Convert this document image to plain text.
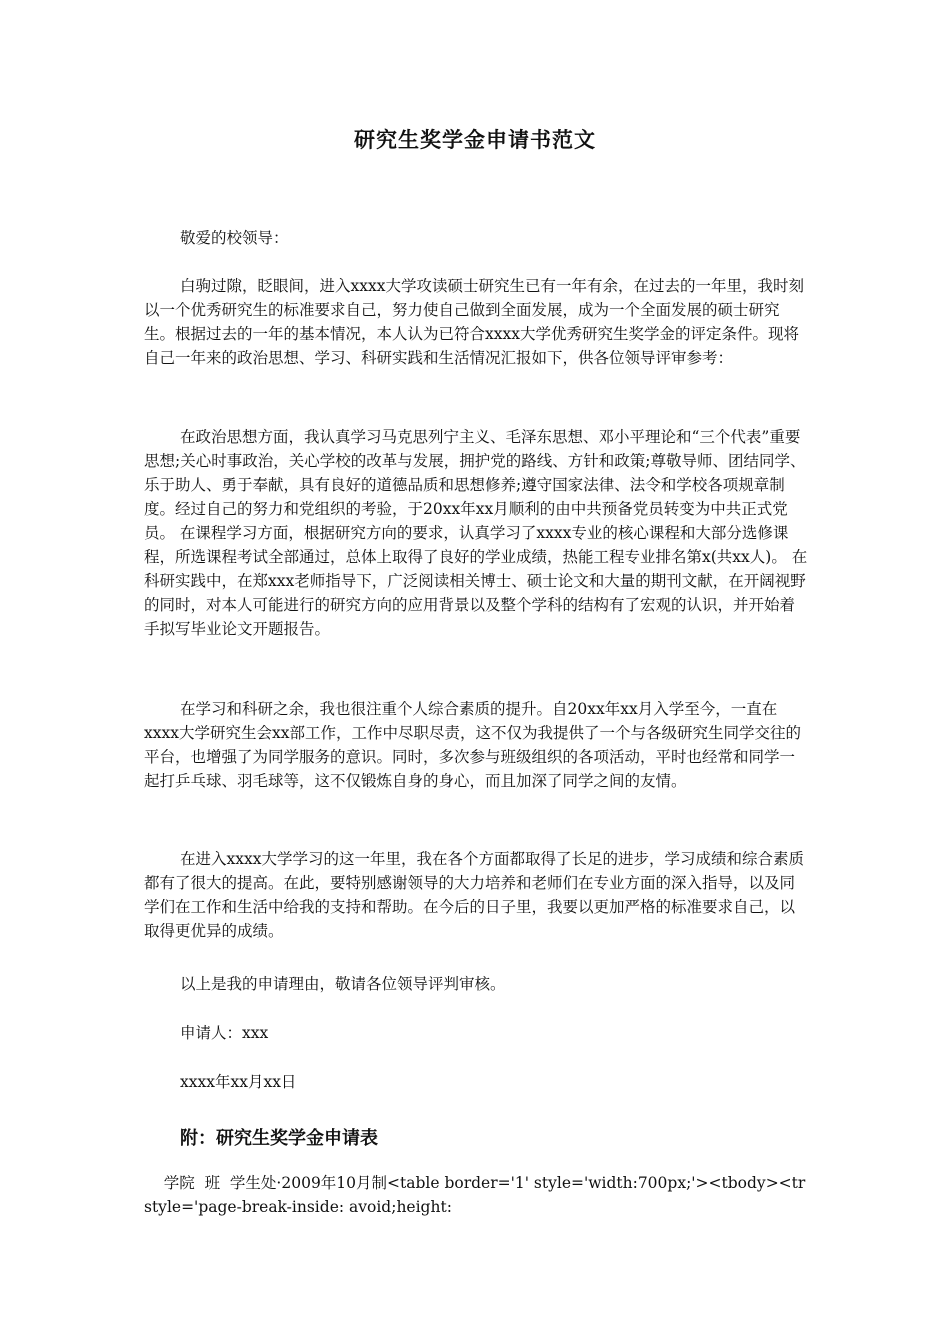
研究生奖学金申请书范文
敬爱的校领导：
白驹过隙，眨眼间，进入xxxx大学攻读硕士研究生已有一年有余，在过去的一年里，我时刻以一个优秀研究生的标准要求自己，努力使自己做到全面发展，成为一个全面发展的硕士研究生。根据过去的一年的基本情况，本人认为已符合xxxx大学优秀研究生奖学金的评定条件。现将自己一年来的政治思想、学习、科研实践和生活情况汇报如下，供各位领导评审参考：
在政治思想方面，我认真学习马克思列宁主义、毛泽东思想、邓小平理论和“三个代表”重要思想;关心时事政治，关心学校的改革与发展，拥护党的路线、方针和政策;尊敬导师、团结同学、乐于助人、勇于奉献，具有良好的道德品质和思想修养;遵守国家法律、法令和学校各项规章制度。经过自己的努力和党组织的考验，于20xx年xx月顺利的由中共预备党员转变为中共正式党员。 在课程学习方面，根据研究方向的要求，认真学习了xxxx专业的核心课程和大部分选修课程，所选课程考试全部通过，总体上取得了良好的学业成绩，热能工程专业排名第x(共xx人)。 在科研实践中，在郑xxx老师指导下，广泛阅读相关博士、硕士论文和大量的期刊文献，在开阔视野的同时，对本人可能进行的研究方向的应用背景以及整个学科的结构有了宏观的认识，并开始着手拟写毕业论文开题报告。
在学习和科研之余，我也很注重个人综合素质的提升。自20xx年xx月入学至今，一直在xxxx大学研究生会xx部工作，工作中尽职尽责，这不仅为我提供了一个与各级研究生同学交往的平台，也增强了为同学服务的意识。同时，多次参与班级组织的各项活动，平时也经常和同学一起打乒乓球、羽毛球等，这不仅锻炼自身的身心，而且加深了同学之间的友情。
在进入xxxx大学学习的这一年里，我在各个方面都取得了长足的进步，学习成绩和综合素质都有了很大的提高。在此，要特别感谢领导的大力培养和老师们在专业方面的深入指导，以及同学们在工作和生活中给我的支持和帮助。在今后的日子里，我要以更加严格的标准要求自己，以取得更优异的成绩。
以上是我的申请理由，敬请各位领导评判审核。
申请人：xxx
xxxx年xx月xx日
附：研究生奖学金申请表
学院  班  学生处·2009年10月制<table border='1' style='width:700px;'><tbody><tr style='page-break-inside: avoid;height:
